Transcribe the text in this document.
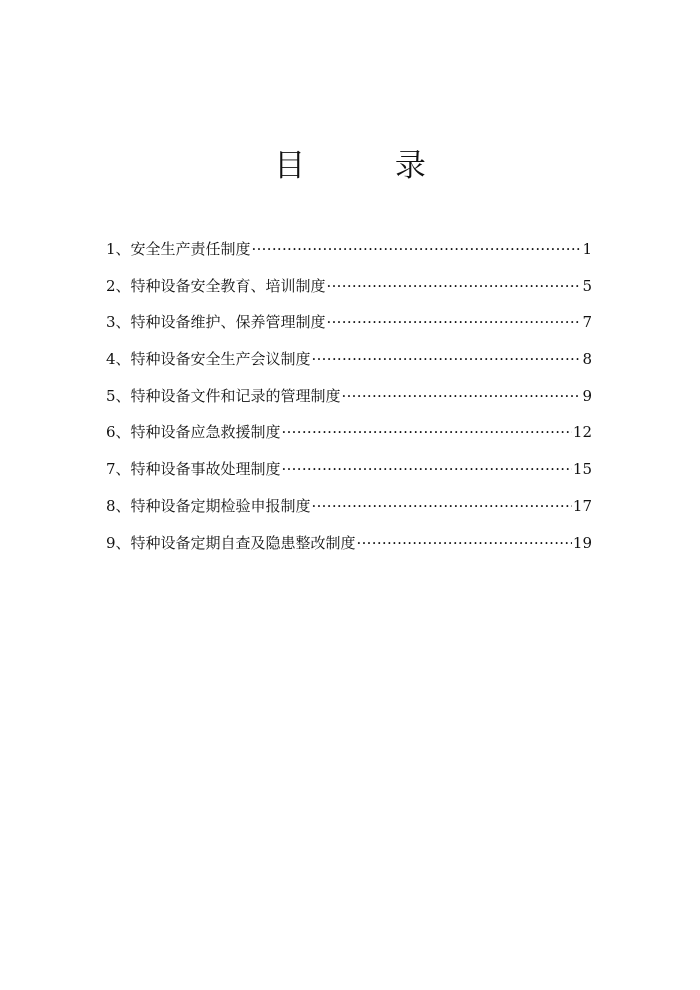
目 录
1、安全生产责任制度 ·····	1
2、特种设备安全教育、培训制度 ·····	5
3、特种设备维护、保养管理制度 ·····	7
4、特种设备安全生产会议制度 ·····	8
5、特种设备文件和记录的管理制度 ·····	9
6、特种设备应急救援制度 ·····	12
7、特种设备事故处理制度 ·····	15
8、特种设备定期检验申报制度 ·····	17
9、特种设备定期自查及隐患整改制度 ·····	19
